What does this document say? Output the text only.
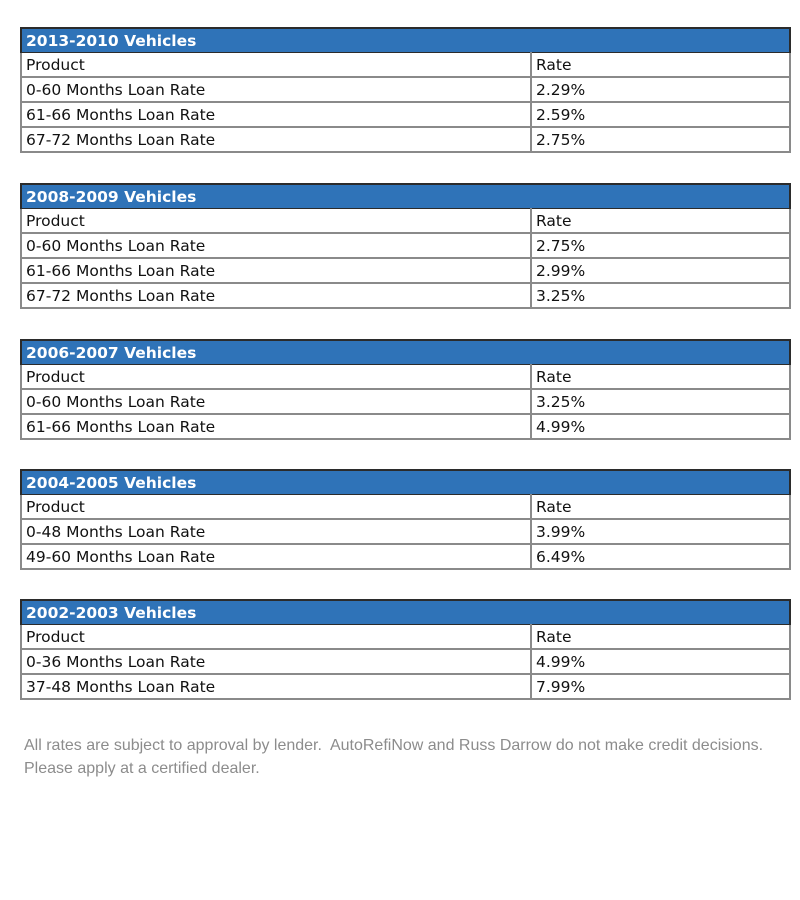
2013-2010 Vehicles	
Product	Rate
0-60 Months Loan Rate	2.29%
61-66 Months Loan Rate	2.59%
67-72 Months Loan Rate	2.75%
2008-2009 Vehicles	
Product	Rate
0-60 Months Loan Rate	2.75%
61-66 Months Loan Rate	2.99%
67-72 Months Loan Rate	3.25%
2006-2007 Vehicles	
Product	Rate
0-60 Months Loan Rate	3.25%
61-66 Months Loan Rate	4.99%
2004-2005 Vehicles	
Product	Rate
0-48 Months Loan Rate	3.99%
49-60 Months Loan Rate	6.49%
2002-2003 Vehicles	
Product	Rate
0-36 Months Loan Rate	4.99%
37-48 Months Loan Rate	7.99%

All rates are subject to approval by lender.  AutoRefiNow and Russ Darrow do not make credit decisions.  Please apply at a certified dealer.
